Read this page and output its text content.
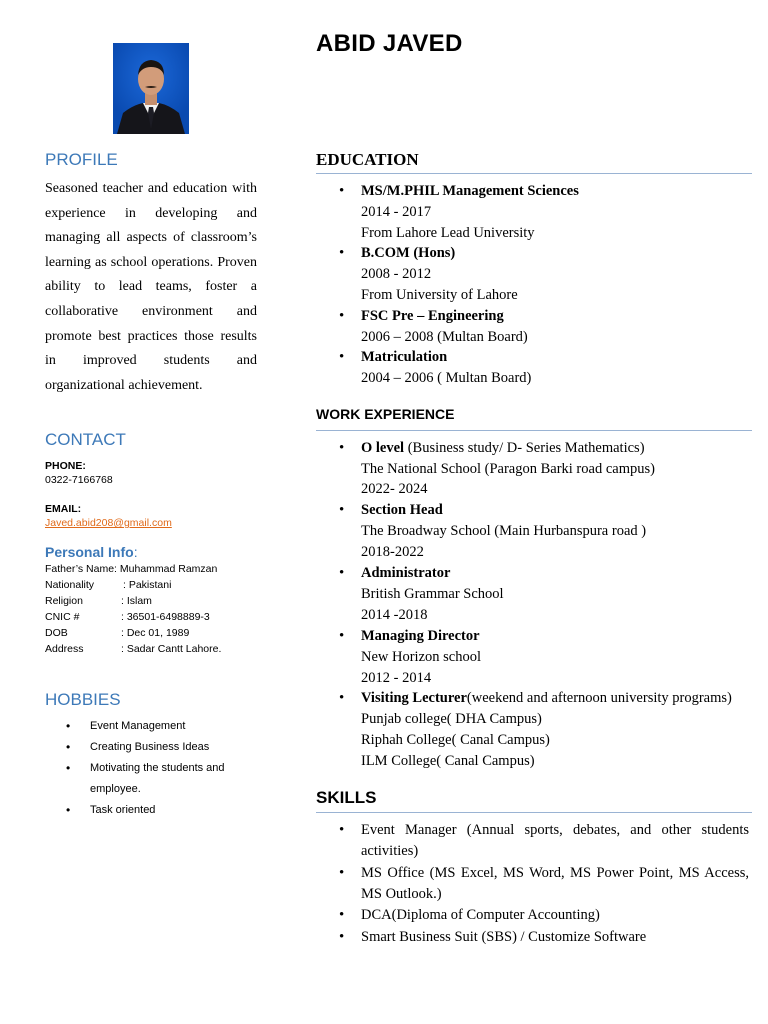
ABID JAVED
PROFILE
Seasoned teacher and education with experience in developing and managing all aspects of classroom’s learning as school operations. Proven ability to lead teams, foster a collaborative environment and promote best practices those results in improved students and organizational achievement.
CONTACT
PHONE:
0322-7166768
EMAIL:
Javed.abid208@gmail.com
Personal Info:
Father’s Name: Muhammad Ramzan
Nationality	: Pakistani
Religion	: Islam
CNIC #	: 36501-6498889-3
DOB	: Dec 01, 1989
Address	: Sadar Cantt Lahore.
HOBBIES
• Event Management
• Creating Business Ideas
• Motivating the students and employee.
• Task oriented
EDUCATION
• MS/M.PHIL Management Sciences
2014 - 2017
From Lahore Lead University
• B.COM (Hons)
2008 - 2012
From University of Lahore
• FSC Pre – Engineering
2006 – 2008 (Multan Board)
• Matriculation
2004 – 2006 ( Multan Board)
WORK EXPERIENCE
• O level (Business study/ D- Series Mathematics)
The National School (Paragon Barki road campus)
2022- 2024
• Section Head
The Broadway School (Main Hurbanspura road )
2018-2022
• Administrator
British Grammar School
2014 -2018
• Managing Director
New Horizon school
2012 - 2014
• Visiting Lecturer(weekend and afternoon university programs)
Punjab college( DHA Campus)
Riphah College( Canal Campus)
ILM College( Canal Campus)
SKILLS
• Event Manager (Annual sports, debates, and other students activities)
• MS Office (MS Excel, MS Word, MS Power Point, MS Access, MS Outlook.)
• DCA(Diploma of Computer Accounting)
• Smart Business Suit (SBS) / Customize Software
